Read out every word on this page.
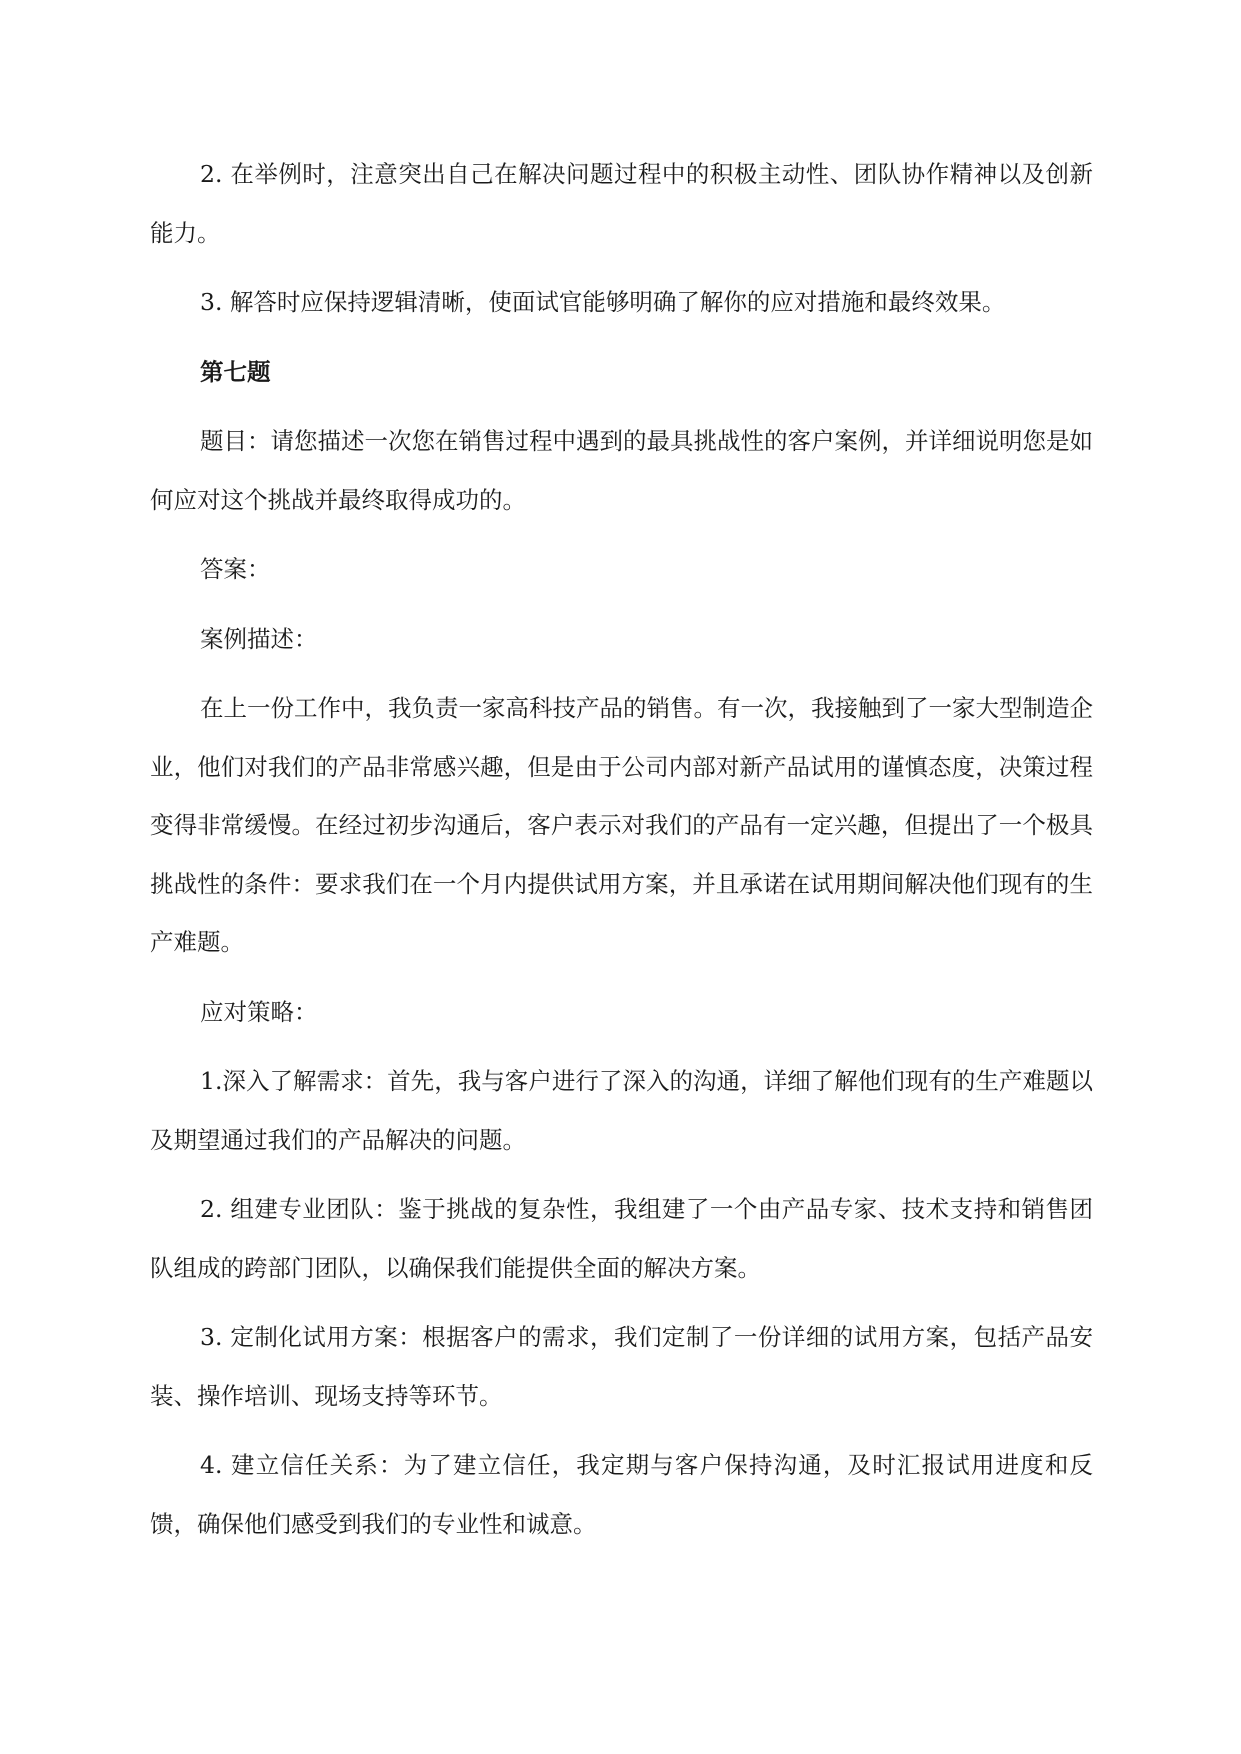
2. 在举例时，注意突出自己在解决问题过程中的积极主动性、团队协作精神以及创新能力。

3. 解答时应保持逻辑清晰，使面试官能够明确了解你的应对措施和最终效果。

第七题

题目：请您描述一次您在销售过程中遇到的最具挑战性的客户案例，并详细说明您是如何应对这个挑战并最终取得成功的。

答案：

案例描述：

在上一份工作中，我负责一家高科技产品的销售。有一次，我接触到了一家大型制造企业，他们对我们的产品非常感兴趣，但是由于公司内部对新产品试用的谨慎态度，决策过程变得非常缓慢。在经过初步沟通后，客户表示对我们的产品有一定兴趣，但提出了一个极具挑战性的条件：要求我们在一个月内提供试用方案，并且承诺在试用期间解决他们现有的生产难题。

应对策略：

1.深入了解需求：首先，我与客户进行了深入的沟通，详细了解他们现有的生产难题以及期望通过我们的产品解决的问题。

2. 组建专业团队：鉴于挑战的复杂性，我组建了一个由产品专家、技术支持和销售团队组成的跨部门团队，以确保我们能提供全面的解决方案。

3. 定制化试用方案：根据客户的需求，我们定制了一份详细的试用方案，包括产品安装、操作培训、现场支持等环节。

4. 建立信任关系：为了建立信任，我定期与客户保持沟通，及时汇报试用进度和反馈，确保他们感受到我们的专业性和诚意。
